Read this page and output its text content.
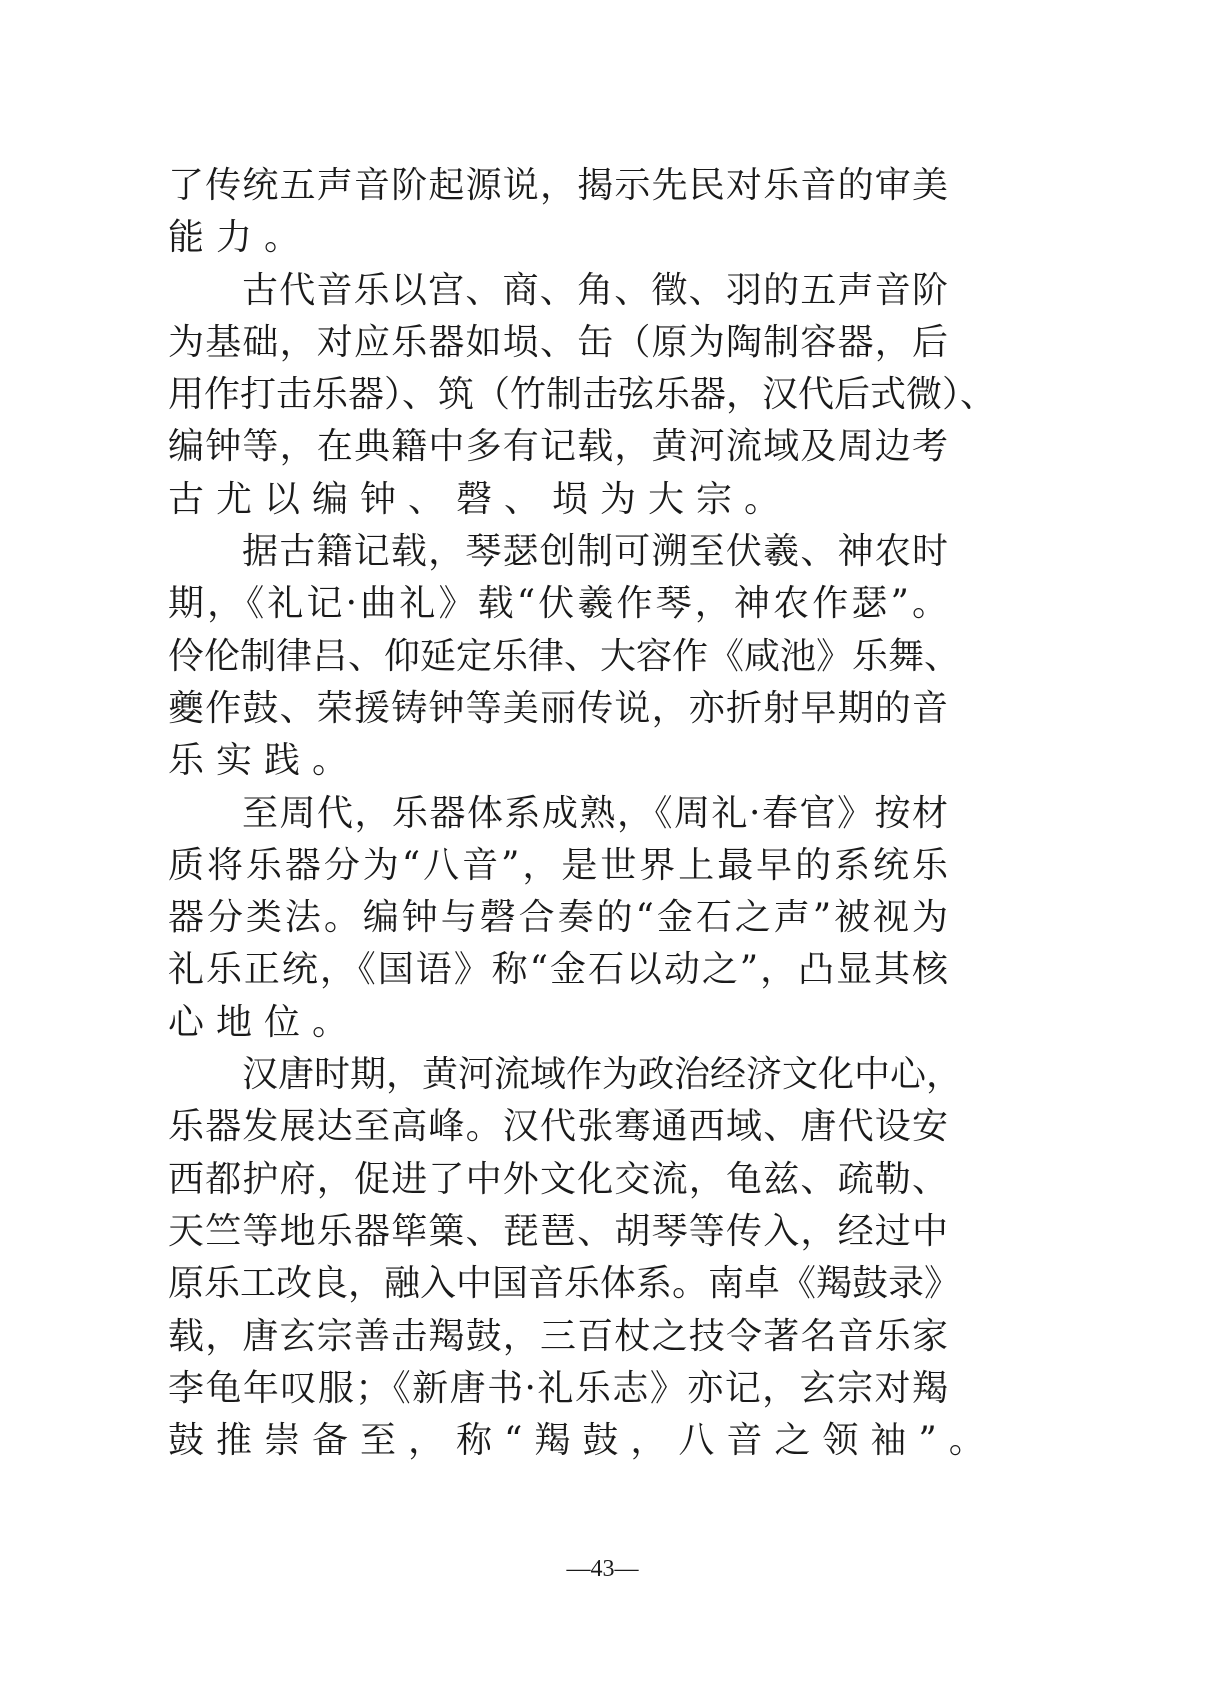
了传统五声音阶起源说，揭示先民对乐音的审美
能力。
古代音乐以宫、商、角、徵、羽的五声音阶
为基础，对应乐器如埙、缶（原为陶制容器，后
用作打击乐器）、筑（竹制击弦乐器，汉代后式微）、
编钟等，在典籍中多有记载，黄河流域及周边考
古尤以编钟、磬、埙为大宗。
据古籍记载，琴瑟创制可溯至伏羲、神农时
期，《礼记·曲礼》载“伏羲作琴，神农作瑟”。
伶伦制律吕、仰延定乐律、大容作《咸池》乐舞、
夔作鼓、荣援铸钟等美丽传说，亦折射早期的音
乐实践。
至周代，乐器体系成熟，《周礼·春官》按材
质将乐器分为“八音”，是世界上最早的系统乐
器分类法。编钟与磬合奏的“金石之声”被视为
礼乐正统，《国语》称“金石以动之”，凸显其核
心地位。
汉唐时期，黄河流域作为政治经济文化中心，
乐器发展达至高峰。汉代张骞通西域、唐代设安
西都护府，促进了中外文化交流，龟兹、疏勒、
天竺等地乐器筚篥、琵琶、胡琴等传入，经过中
原乐工改良，融入中国音乐体系。南卓《羯鼓录》
载，唐玄宗善击羯鼓，三百杖之技令著名音乐家
李龟年叹服；《新唐书·礼乐志》亦记，玄宗对羯
鼓推崇备至，称“羯鼓，八音之领袖”。
—43—
